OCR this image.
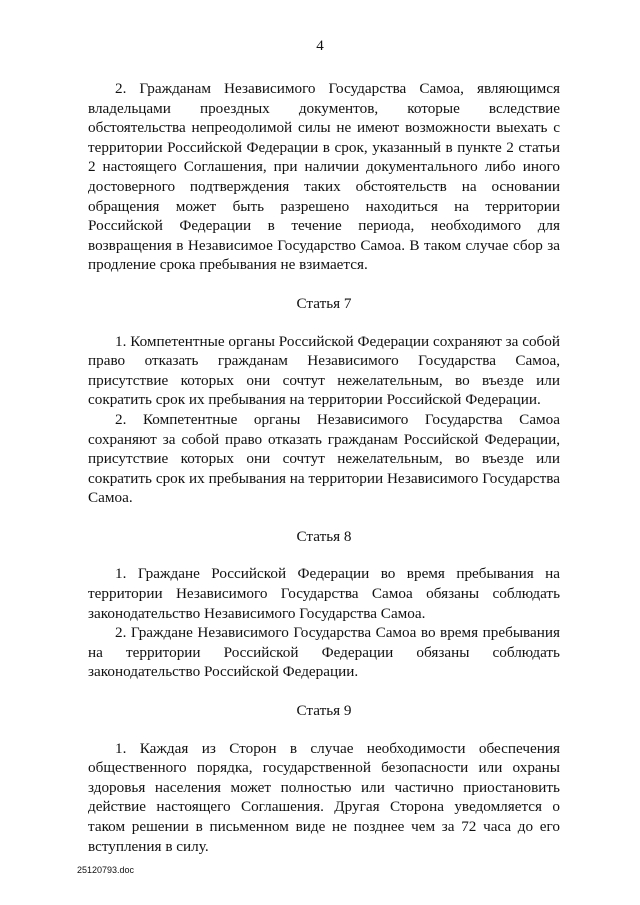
4

2. Гражданам Независимого Государства Самоа, являющимся владельцами проездных документов, которые вследствие обстоятельства непреодолимой силы не имеют возможности выехать с территории Российской Федерации в срок, указанный в пункте 2 статьи 2 настоящего Соглашения, при наличии документального либо иного достоверного подтверждения таких обстоятельств на основании обращения может быть разрешено находиться на территории Российской Федерации в течение периода, необходимого для возвращения в Независимое Государство Самоа. В таком случае сбор за продление срока пребывания не взимается.

Статья 7

1. Компетентные органы Российской Федерации сохраняют за собой право отказать гражданам Независимого Государства Самоа, присутствие которых они сочтут нежелательным, во въезде или сократить срок их пребывания на территории Российской Федерации.

2. Компетентные органы Независимого Государства Самоа сохраняют за собой право отказать гражданам Российской Федерации, присутствие которых они сочтут нежелательным, во въезде или сократить срок их пребывания на территории Независимого Государства Самоа.

Статья 8

1. Граждане Российской Федерации во время пребывания на территории Независимого Государства Самоа обязаны соблюдать законодательство Независимого Государства Самоа.

2. Граждане Независимого Государства Самоа во время пребывания на территории Российской Федерации обязаны соблюдать законодательство Российской Федерации.

Статья 9

1. Каждая из Сторон в случае необходимости обеспечения общественного порядка, государственной безопасности или охраны здоровья населения может полностью или частично приостановить действие настоящего Соглашения. Другая Сторона уведомляется о таком решении в письменном виде не позднее чем за 72 часа до его вступления в силу.

25120793.doc
